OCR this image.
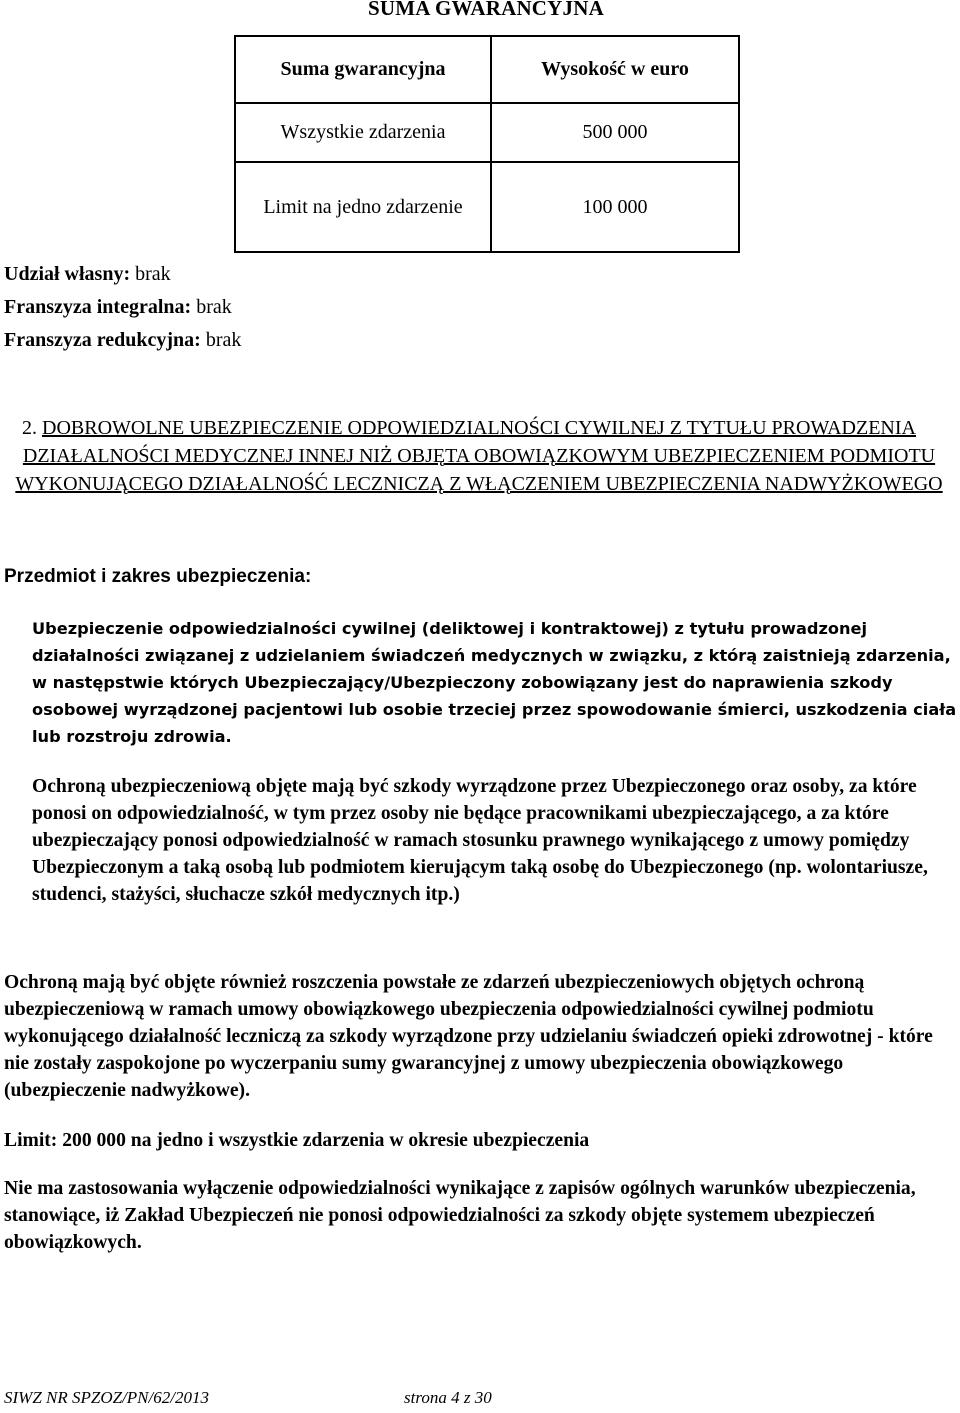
SUMA GWARANCYJNA
Suma gwarancyjna	Wysokość w euro
Wszystkie zdarzenia	500 000
Limit na jedno zdarzenie	100 000
Udział własny: brak
Franszyza integralna: brak
Franszyza redukcyjna: brak
2. DOBROWOLNE UBEZPIECZENIE ODPOWIEDZIALNOŚCI CYWILNEJ Z TYTUŁU PROWADZENIA DZIAŁALNOŚCI MEDYCZNEJ INNEJ NIŻ OBJĘTA OBOWIĄZKOWYM UBEZPIECZENIEM PODMIOTU WYKONUJĄCEGO DZIAŁALNOŚĆ LECZNICZĄ Z WŁĄCZENIEM UBEZPIECZENIA NADWYŻKOWEGO
Przedmiot i zakres ubezpieczenia:
Ubezpieczenie odpowiedzialności cywilnej (deliktowej i kontraktowej) z tytułu prowadzonej działalności związanej z udzielaniem świadczeń medycznych w związku, z którą zaistnieją zdarzenia, w następstwie których Ubezpieczający/Ubezpieczony zobowiązany jest do naprawienia szkody osobowej wyrządzonej pacjentowi lub osobie trzeciej przez spowodowanie śmierci, uszkodzenia ciała lub rozstroju zdrowia.
Ochroną ubezpieczeniową objęte mają być szkody wyrządzone przez Ubezpieczonego oraz osoby, za które ponosi on odpowiedzialność, w tym przez osoby nie będące pracownikami ubezpieczającego, a za które ubezpieczający ponosi odpowiedzialność w ramach stosunku prawnego wynikającego z umowy pomiędzy Ubezpieczonym a taką osobą lub podmiotem kierującym taką osobę do Ubezpieczonego (np. wolontariusze, studenci, stażyści, słuchacze szkół medycznych itp.)
Ochroną mają być objęte również roszczenia powstałe ze zdarzeń ubezpieczeniowych objętych ochroną ubezpieczeniową w ramach umowy obowiązkowego ubezpieczenia odpowiedzialności cywilnej podmiotu wykonującego działalność leczniczą za szkody wyrządzone przy udzielaniu świadczeń opieki zdrowotnej - które nie zostały zaspokojone po wyczerpaniu sumy gwarancyjnej z umowy ubezpieczenia obowiązkowego (ubezpieczenie nadwyżkowe).
Limit: 200 000 na jedno i wszystkie zdarzenia w okresie ubezpieczenia
Nie ma zastosowania wyłączenie odpowiedzialności wynikające z zapisów ogólnych warunków ubezpieczenia, stanowiące, iż Zakład Ubezpieczeń nie ponosi odpowiedzialności za szkody objęte systemem ubezpieczeń obowiązkowych.
SIWZ NR SPZOZ/PN/62/2013	strona 4 z 30
